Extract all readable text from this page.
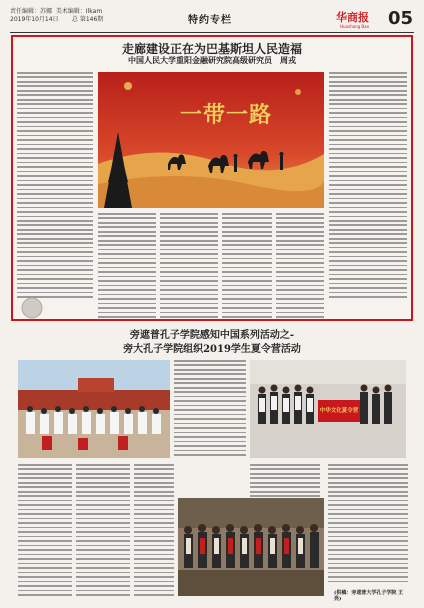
责任编辑：苏娜 美术编辑：Ilkam
2019年10月14日 总 第146期	特约专栏	华商报
Huashang Bao 05
走廊建设正在为巴基斯坦人民造福
中国人民大学重阳金融研究院高级研究员　周戎
一带一路
旁遮普孔子学院感知中国系列活动之-
旁大孔子学院组织2019学生夏令营活动
中华文化夏令营
(供稿：旁遮普大学孔子学院 王亮)
